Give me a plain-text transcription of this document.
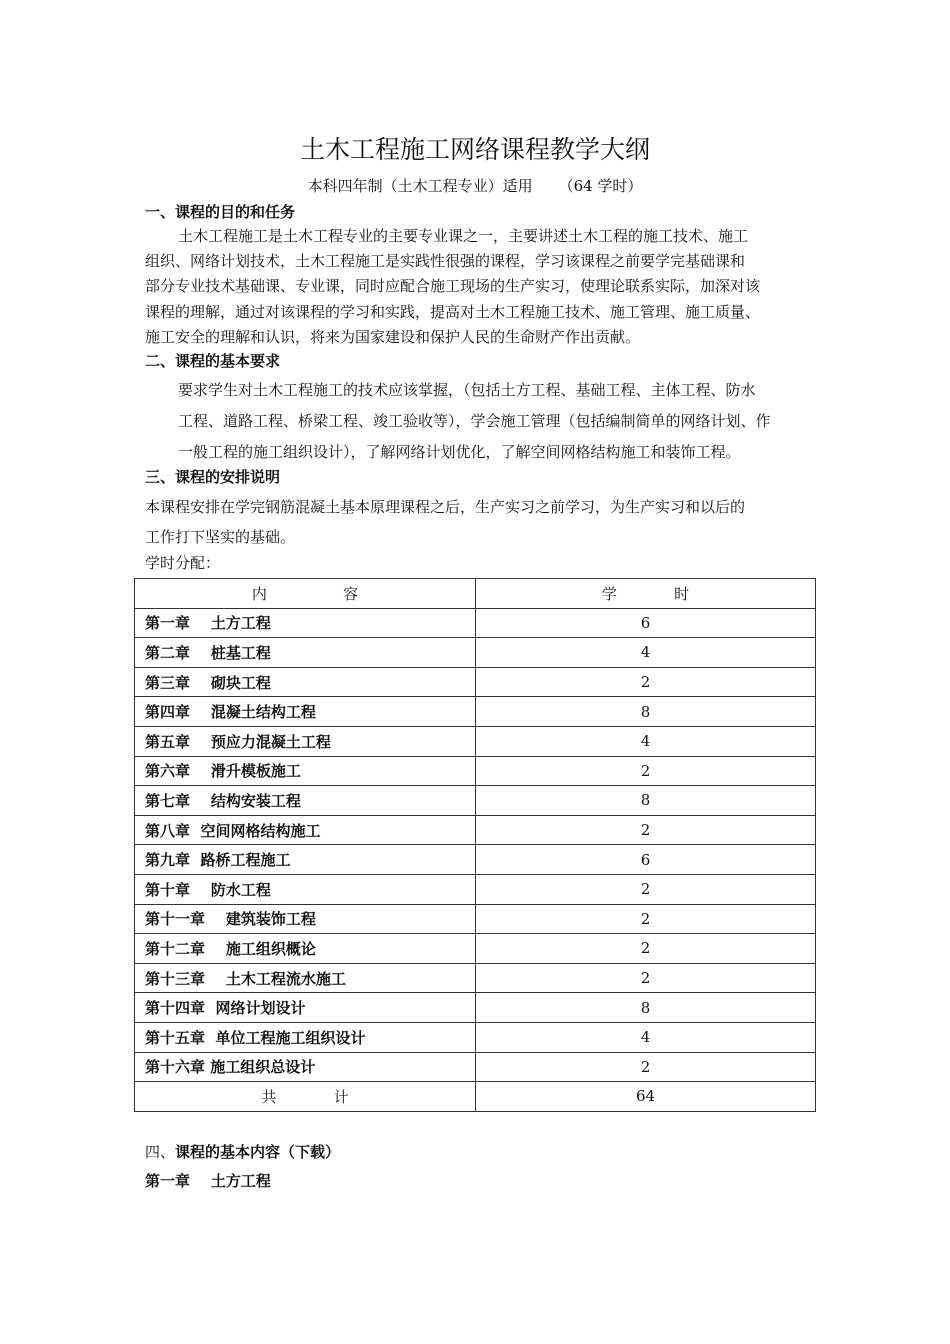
土木工程施工网络课程教学大纲
本科四年制（土木工程专业）适用 （64 学时）
一、课程的目的和任务
土木工程施工是土木工程专业的主要专业课之一，主要讲述土木工程的施工技术、施工
组织、网络计划技术，土木工程施工是实践性很强的课程，学习该课程之前要学完基础课和
部分专业技术基础课、专业课，同时应配合施工现场的生产实习，使理论联系实际，加深对该
课程的理解，通过对该课程的学习和实践，提高对土木工程施工技术、施工管理、施工质量、
施工安全的理解和认识，将来为国家建设和保护人民的生命财产作出贡献。
二、课程的基本要求
要求学生对土木工程施工的技术应该掌握，（包括土方工程、基础工程、主体工程、防水
工程、道路工程、桥梁工程、竣工验收等），学会施工管理（包括编制简单的网络计划、作
一般工程的施工组织设计），了解网络计划优化，了解空间网格结构施工和装饰工程。
三、课程的安排说明
本课程安排在学完钢筋混凝土基本原理课程之后，生产实习之前学习，为生产实习和以后的
工作打下坚实的基础。
学时分配：
内                容	学            时
第一章    土方工程	6
第二章    桩基工程	4
第三章    砌块工程	2
第四章    混凝土结构工程	8
第五章    预应力混凝土工程	4
第六章    滑升模板施工	2
第七章    结构安装工程	8
第八章  空间网格结构施工	2
第九章  路桥工程施工	6
第十章    防水工程	2
第十一章    建筑装饰工程	2
第十二章    施工组织概论	2
第十三章    土木工程流水施工	2
第十四章  网络计划设计	8
第十五章  单位工程施工组织设计	4
第十六章 施工组织总设计	2
共            计	64
四、课程的基本内容（下载）
第一章    土方工程
